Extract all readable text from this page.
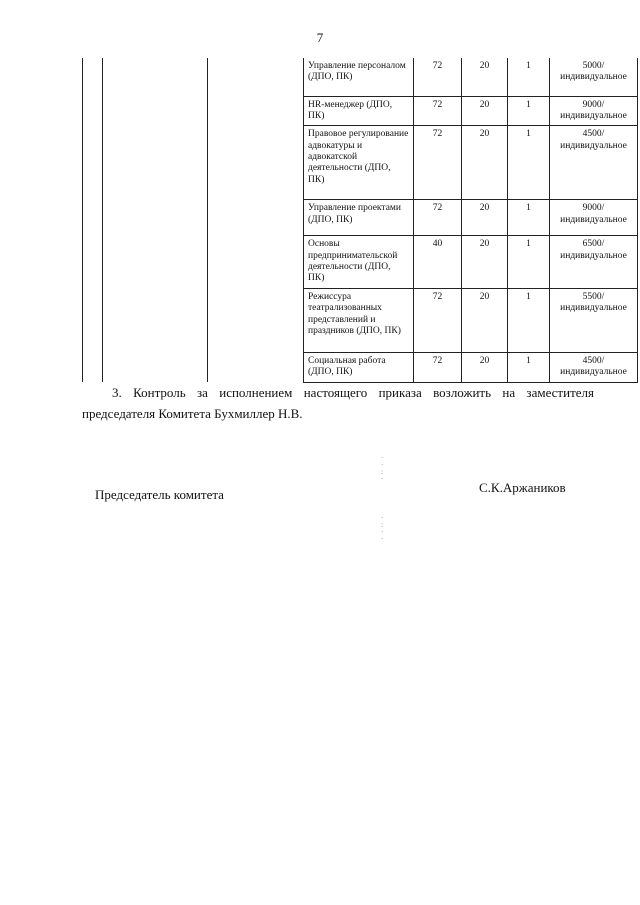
7
			Управление персоналом (ДПО, ПК)	72	20	1	5000/
индивидуальное

			HR-менеджер (ДПО, ПК)	72	20	1	9000/
индивидуальное

			Правовое регулирование адвокатуры и адвокатской деятельности (ДПО, ПК)	72	20	1	4500/
индивидуальное

			Управление проектами (ДПО, ПК)	72	20	1	9000/
индивидуальное

			Основы предпринимательской деятельности (ДПО, ПК)	40	20	1	6500/
индивидуальное

			Режиссура театрализованных представлений и праздников (ДПО, ПК)	72	20	1	5500/
индивидуальное

			Социальная работа (ДПО, ПК)	72	20	1	4500/
индивидуальное
3. Контроль за исполнением настоящего приказа возложить на заместителя председателя Комитета Бухмиллер Н.В.
·
·
:
·
·
:
·
·
Председатель комитета	С.К.Аржаников
